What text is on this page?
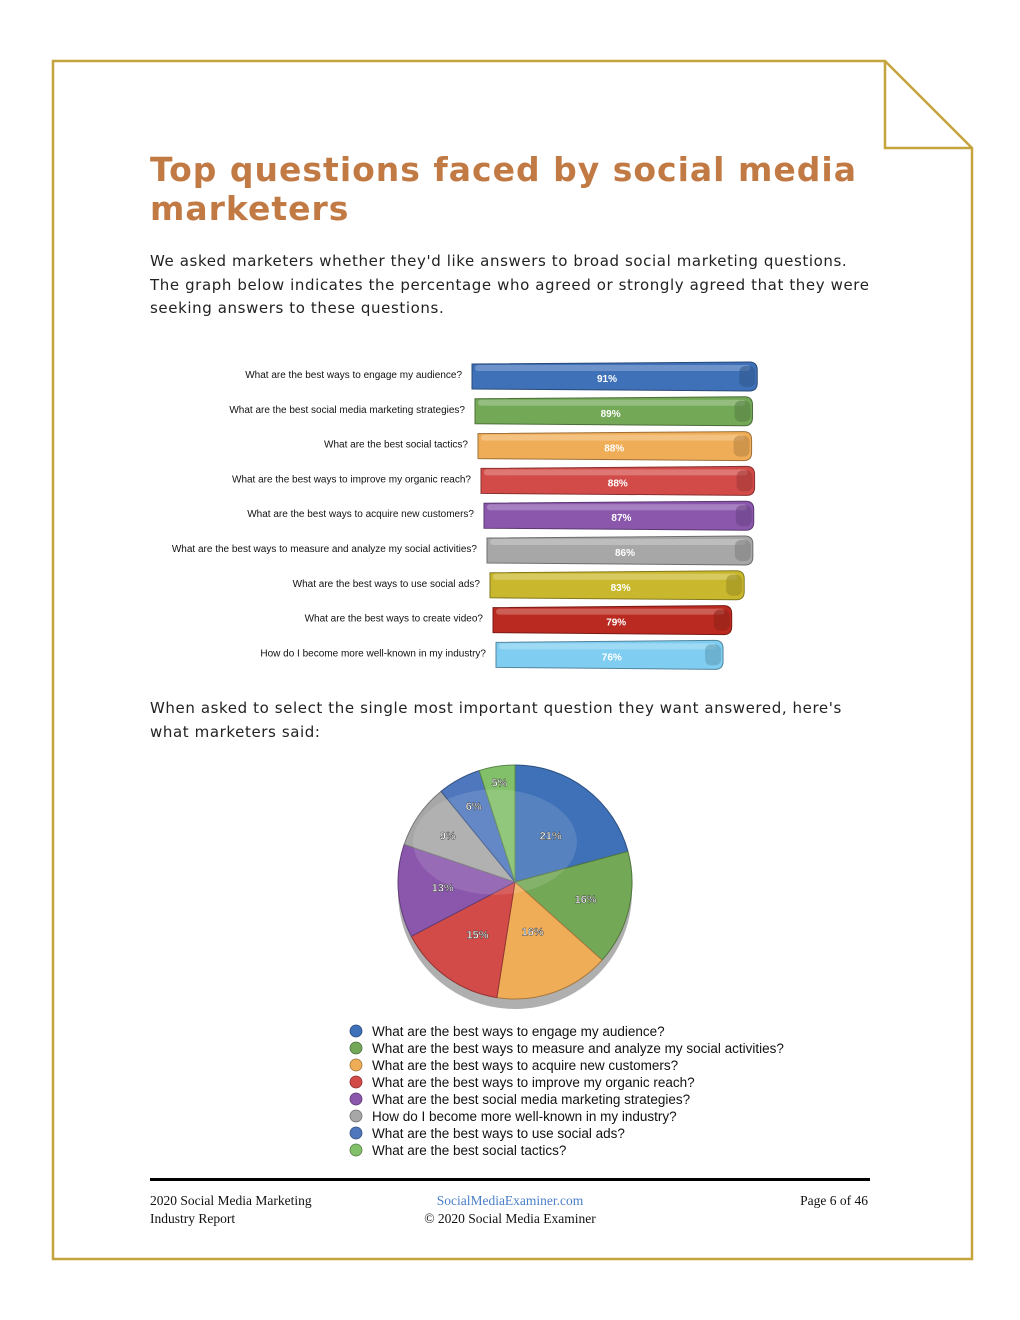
Top questions faced by social media marketers

We asked marketers whether they'd like answers to broad social marketing questions. The graph below indicates the percentage who agreed or strongly agreed that they were seeking answers to these questions.

What are the best ways to engage my audience?	91%
What are the best social media marketing strategies?	89%
What are the best social tactics?	88%
What are the best ways to improve my organic reach?	88%
What are the best ways to acquire new customers?	87%
What are the best ways to measure and analyze my social activities?	86%
What are the best ways to use social ads?	83%
What are the best ways to create video?	79%
How do I become more well-known in my industry?	76%

When asked to select the single most important question they want answered, here's what marketers said:

21%
16%
16%
15%
13%
9%
6%
5%
What are the best ways to engage my audience?
What are the best ways to measure and analyze my social activities?
What are the best ways to acquire new customers?
What are the best ways to improve my organic reach?
What are the best social media marketing strategies?
How do I become more well-known in my industry?
What are the best ways to use social ads?
What are the best social tactics?
2020 Social Media Marketing
Industry Report
SocialMediaExaminer.com
© 2020 Social Media Examiner
Page 6 of 46
